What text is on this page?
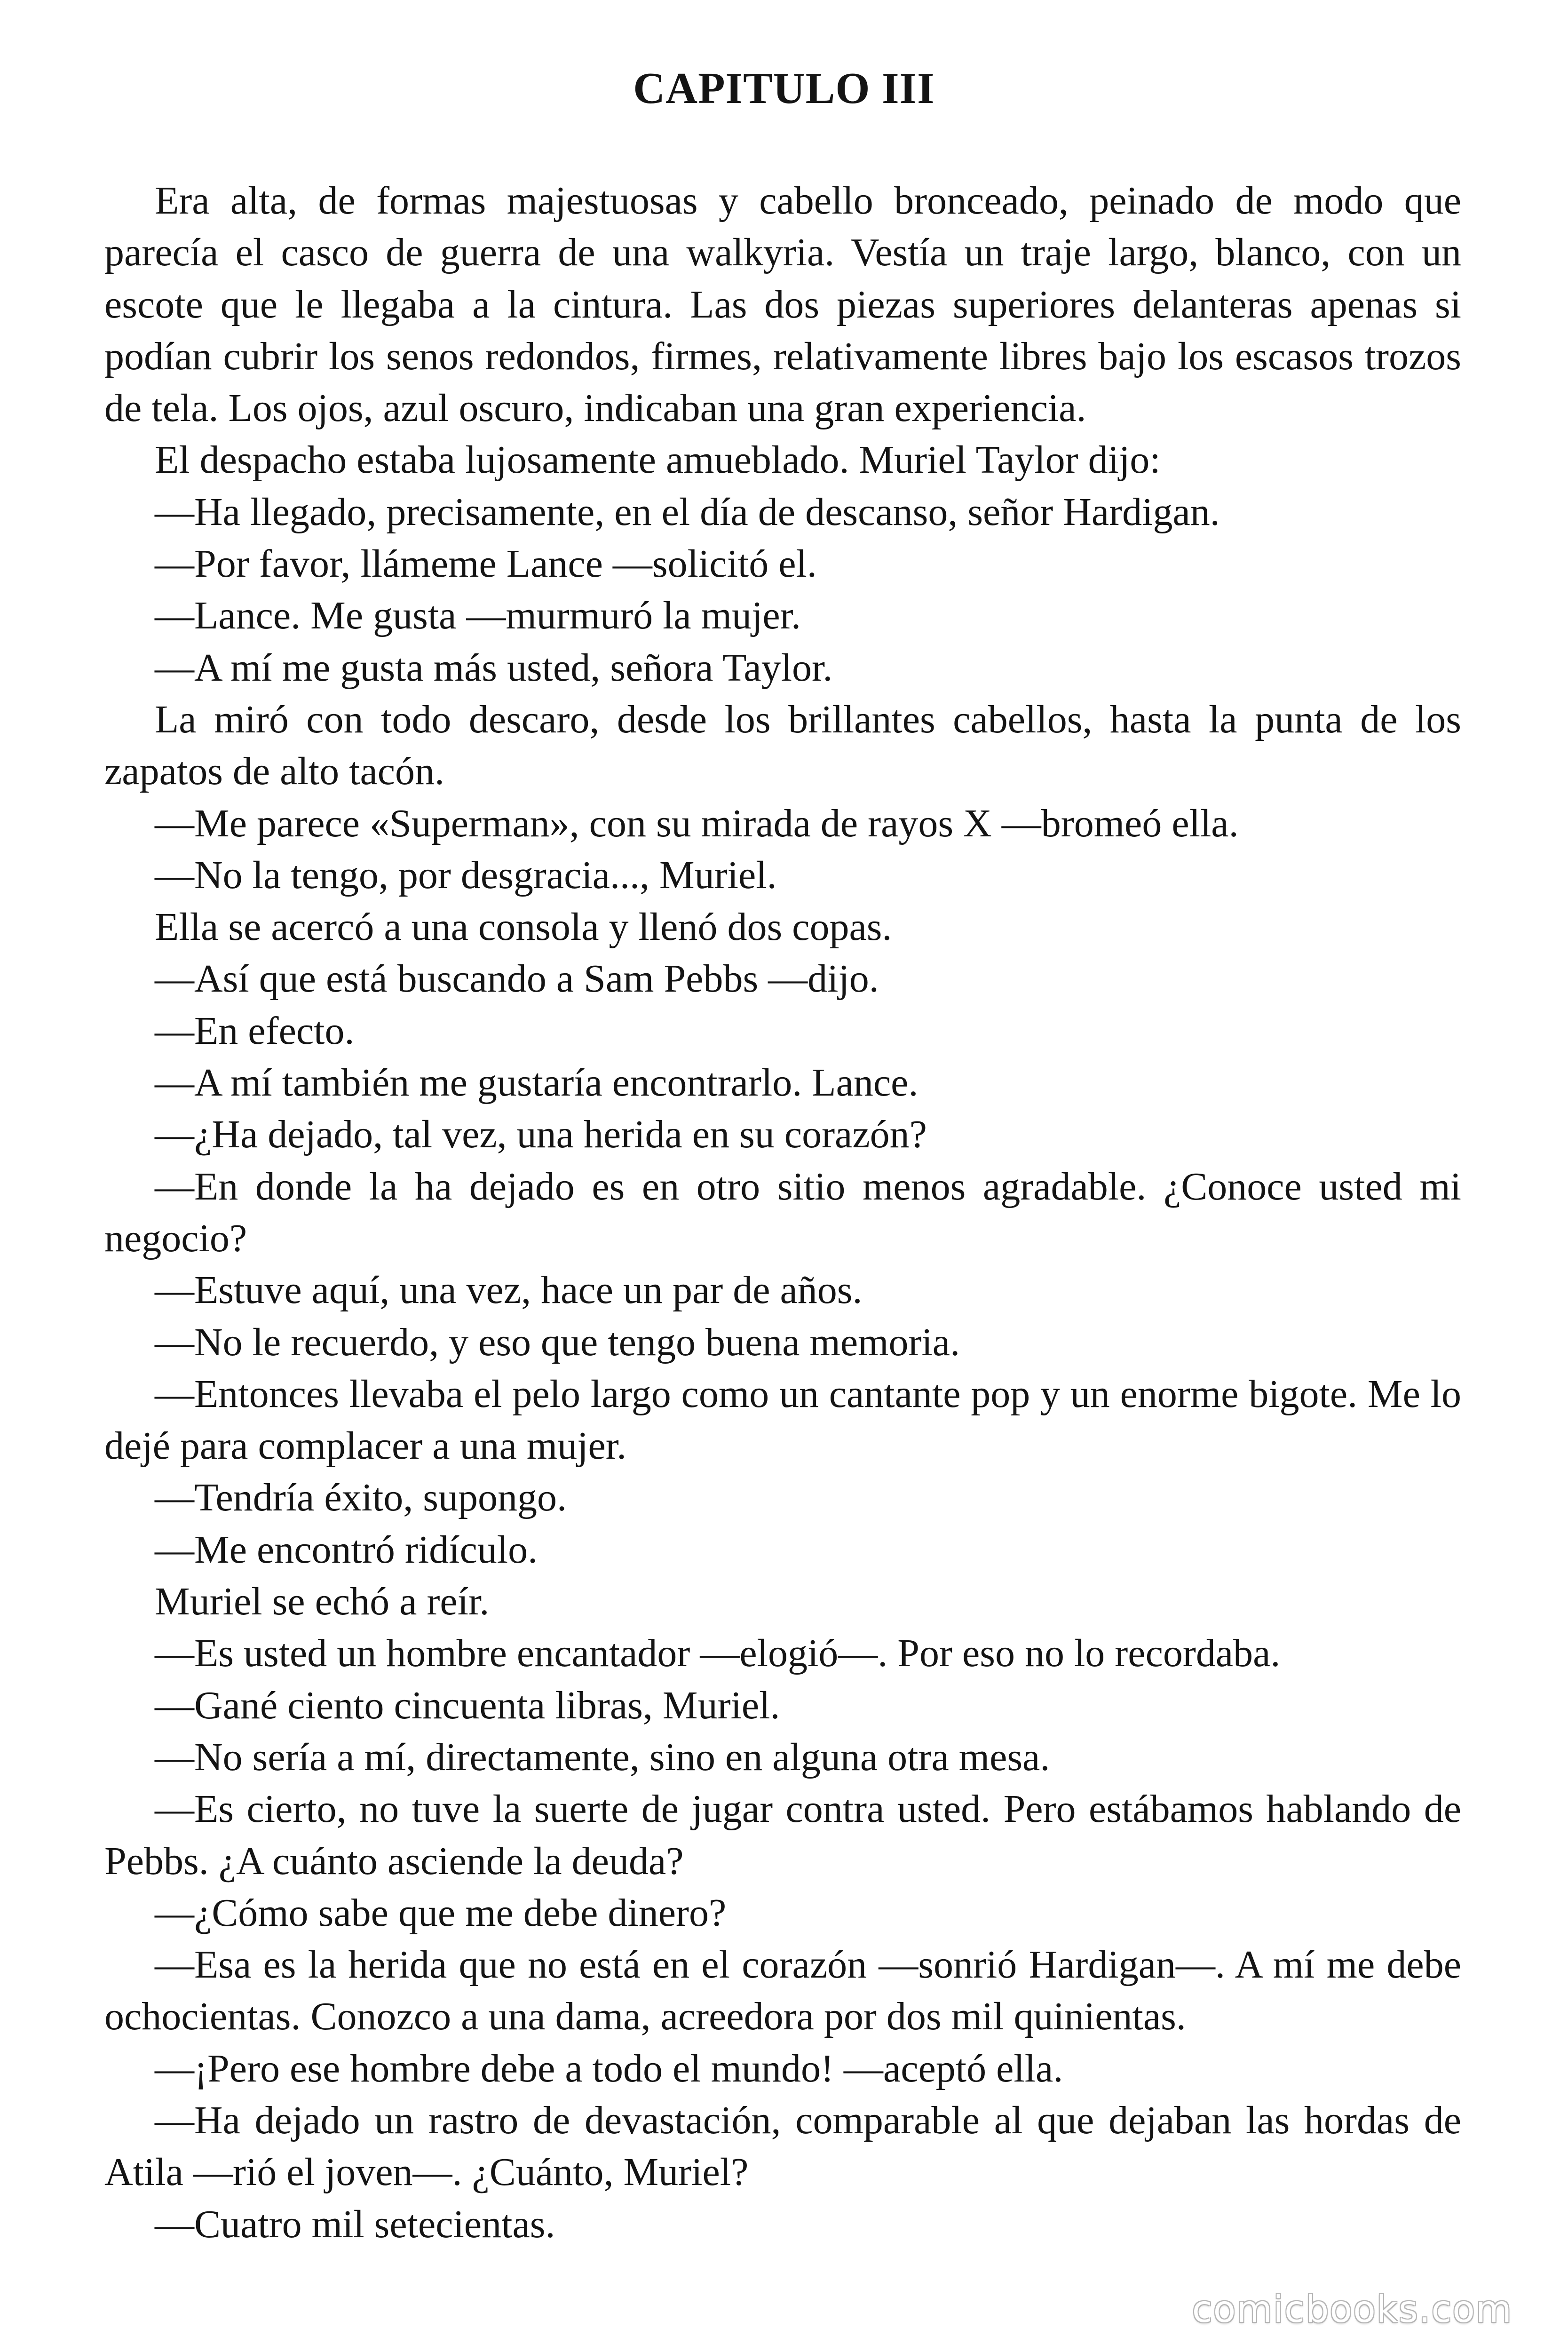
CAPITULO III

Era alta, de formas majestuosas y cabello bronceado, peinado de modo que parecía el casco de guerra de una walkyria. Vestía un traje largo, blanco, con un escote que le llegaba a la cintura. Las dos piezas superiores delanteras apenas si podían cubrir los senos redondos, firmes, relativamente libres bajo los escasos trozos de tela. Los ojos, azul oscuro, indicaban una gran experiencia.

El despacho estaba lujosamente amueblado. Muriel Taylor dijo:

—Ha llegado, precisamente, en el día de descanso, señor Hardigan.

—Por favor, llámeme Lance —solicitó el.

—Lance. Me gusta —murmuró la mujer.

—A mí me gusta más usted, señora Taylor.

La miró con todo descaro, desde los brillantes cabellos, hasta la punta de los zapatos de alto tacón.

—Me parece «Superman», con su mirada de rayos X —bromeó ella.

—No la tengo, por desgracia..., Muriel.

Ella se acercó a una consola y llenó dos copas.

—Así que está buscando a Sam Pebbs —dijo.

—En efecto.

—A mí también me gustaría encontrarlo. Lance.

—¿Ha dejado, tal vez, una herida en su corazón?

—En donde la ha dejado es en otro sitio menos agradable. ¿Conoce usted mi negocio?

—Estuve aquí, una vez, hace un par de años.

—No le recuerdo, y eso que tengo buena memoria.

—Entonces llevaba el pelo largo como un cantante pop y un enorme bigote. Me lo dejé para complacer a una mujer.

—Tendría éxito, supongo.

—Me encontró ridículo.

Muriel se echó a reír.

—Es usted un hombre encantador —elogió—. Por eso no lo recordaba.

—Gané ciento cincuenta libras, Muriel.

—No sería a mí, directamente, sino en alguna otra mesa.

—Es cierto, no tuve la suerte de jugar contra usted. Pero estábamos hablando de Pebbs. ¿A cuánto asciende la deuda?

—¿Cómo sabe que me debe dinero?

—Esa es la herida que no está en el corazón —sonrió Hardigan—. A mí me debe ochocientas. Conozco a una dama, acreedora por dos mil quinientas.

—¡Pero ese hombre debe a todo el mundo! —aceptó ella.

—Ha dejado un rastro de devastación, comparable al que dejaban las hordas de Atila —rió el joven—. ¿Cuánto, Muriel?

—Cuatro mil setecientas.

comicbooks.com
